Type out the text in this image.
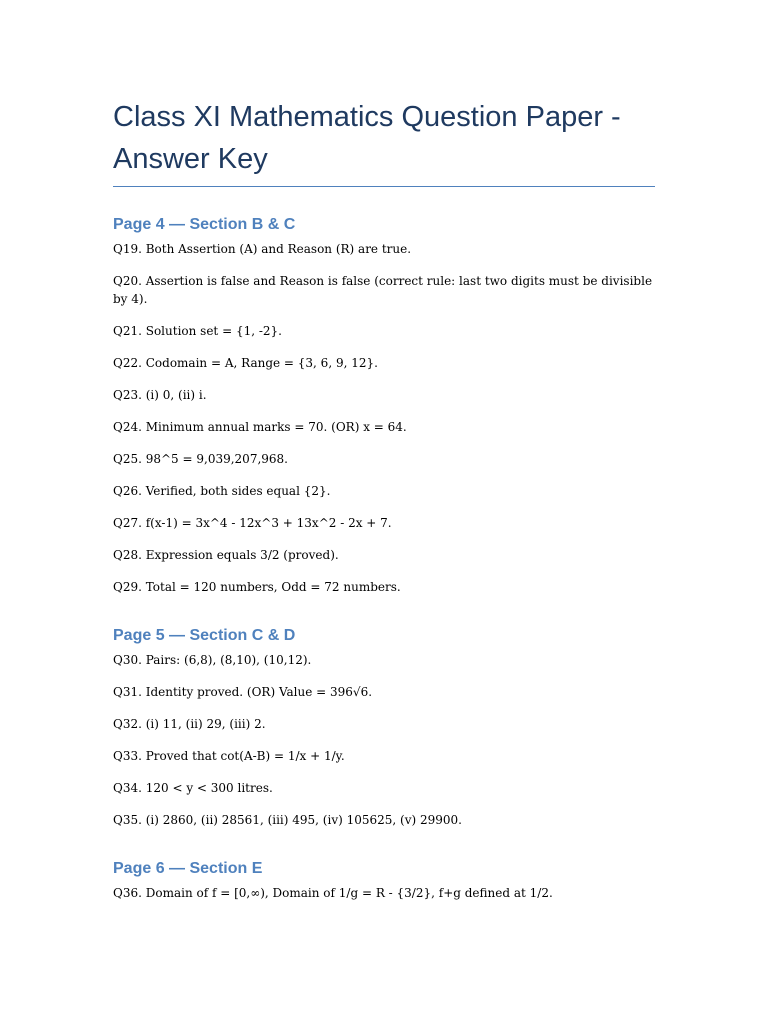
Class XI Mathematics Question Paper - Answer Key
Page 4 — Section B & C

Q19. Both Assertion (A) and Reason (R) are true.

Q20. Assertion is false and Reason is false (correct rule: last two digits must be divisible by 4).

Q21. Solution set = {1, -2}.

Q22. Codomain = A, Range = {3, 6, 9, 12}.

Q23. (i) 0, (ii) i.

Q24. Minimum annual marks = 70. (OR) x = 64.

Q25. 98^5 = 9,039,207,968.

Q26. Verified, both sides equal {2}.

Q27. f(x-1) = 3x^4 - 12x^3 + 13x^2 - 2x + 7.

Q28. Expression equals 3/2 (proved).

Q29. Total = 120 numbers, Odd = 72 numbers.

Page 5 — Section C & D

Q30. Pairs: (6,8), (8,10), (10,12).

Q31. Identity proved. (OR) Value = 396√6.

Q32. (i) 11, (ii) 29, (iii) 2.

Q33. Proved that cot(A-B) = 1/x + 1/y.

Q34. 120 < y < 300 litres.

Q35. (i) 2860, (ii) 28561, (iii) 495, (iv) 105625, (v) 29900.

Page 6 — Section E

Q36. Domain of f = [0,∞), Domain of 1/g = R - {3/2}, f+g defined at 1/2.
